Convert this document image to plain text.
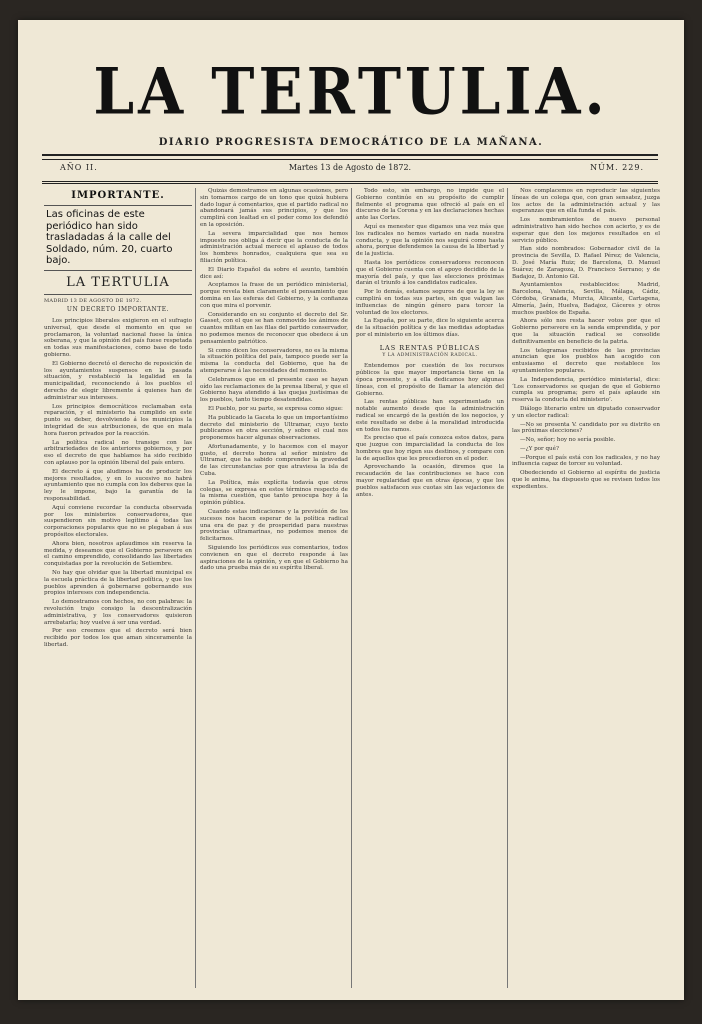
LA TERTULIA.
DIARIO PROGRESISTA DEMOCRÁTICO DE LA MAÑANA.
AÑO II.	Martes 13 de Agosto de 1872.	NÚM. 229.
IMPORTANTE.
Las oficinas de este periódico han sido trasladadas á la calle del Soldado, núm. 20, cuarto bajo.
LA TERTULIA
MADRID 13 DE AGOSTO DE 1872.
UN DECRETO IMPORTANTE.

Los principios liberales exigieron en el sufragio universal, que desde el momento en que se proclamaron, la voluntad nacional fuese la única soberana, y que la opinión del país fuese respetada en todas sus manifestaciones, como base de todo gobierno.

El Gobierno decretó el derecho de reposición de los ayuntamientos suspensos en la pasada situación, y restableció la legalidad en la municipalidad, reconociendo á los pueblos el derecho de elegir libremente á quienes han de administrar sus intereses.

Los principios democráticos reclamaban esta reparación, y el ministerio ha cumplido en este punto su deber, devolviendo á los municipios la integridad de sus atribuciones, de que en mala hora fueron privados por la reacción.

La política radical no transige con las arbitrariedades de los anteriores gobiernos, y por eso el decreto de que hablamos ha sido recibido con aplauso por la opinión liberal del país entero.

El decreto á que aludimos ha de producir los mejores resultados, y en lo sucesivo no habrá ayuntamiento que no cumpla con los deberes que la ley le impone, bajo la garantía de la responsabilidad.

Aquí conviene recordar la conducta observada por los ministerios conservadores, que suspendieron sin motivo legítimo á todas las corporaciones populares que no se plegaban á sus propósitos electorales.

Ahora bien, nosotros aplaudimos sin reserva la medida, y deseamos que el Gobierno persevere en el camino emprendido, consolidando las libertades conquistadas por la revolución de Setiembre.

No hay que olvidar que la libertad municipal es la escuela práctica de la libertad política, y que los pueblos aprenden á gobernarse gobernando sus propios intereses con independencia.

Lo demostramos con hechos, no con palabras: la revolución trajo consigo la descentralización administrativa, y los conservadores quisieron arrebatarla; hoy vuelve á ser una verdad.

Por eso creemos que el decreto será bien recibido por todos los que aman sinceramente la libertad.

Quizás demostramos en algunas ocasiones, pero sin tomarnos cargo de un tono que quizá hubiera dado lugar á comentarios, que el partido radical no abandonará jamás sus principios, y que los cumplirá con lealtad en el poder como los defendió en la oposición.

La severa imparcialidad que nos hemos impuesto nos obliga á decir que la conducta de la administración actual merece el aplauso de todos los hombres honrados, cualquiera que sea su filiación política.

El Diario Español da sobre el asunto, también dice así:

Aceptamos la frase de un periódico ministerial, porque revela bien claramente el pensamiento que domina en las esferas del Gobierno, y la confianza con que mira el porvenir.

Considerando en su conjunto el decreto del Sr. Gasset, con el que se han conmovido los ánimos de cuantos militan en las filas del partido conservador, no podemos menos de reconocer que obedece á un pensamiento patriótico.

Si como dicen los conservadores, no es la misma la situación política del país, tampoco puede ser la misma la conducta del Gobierno, que ha de atemperarse á las necesidades del momento.

Celebramos que en el presente caso se hayan oído las reclamaciones de la prensa liberal, y que el Gobierno haya atendido á las quejas justísimas de los pueblos, tanto tiempo desatendidas.

El Pueblo, por su parte, se expresa como sigue:

Ha publicado la Gaceta lo que un importantísimo decreto del ministerio de Ultramar, cuyo texto publicamos en otra sección, y sobre el cual nos proponemos hacer algunas observaciones.

Afortunadamente, y lo hacemos con el mayor gusto, el decreto honra al señor ministro de Ultramar, que ha sabido comprender la gravedad de las circunstancias por que atraviesa la isla de Cuba.

La Política, más explícita todavía que otros colegas, se expresa en estos términos respecto de la misma cuestión, que tanto preocupa hoy á la opinión pública.

Cuando estas indicaciones y la previsión de los sucesos nos hacen esperar de la política radical una era de paz y de prosperidad para nuestras provincias ultramarinas, no podemos menos de felicitarnos.

Siguiendo los periódicos sus comentarios, todos convienen en que el decreto responde á las aspiraciones de la opinión, y en que el Gobierno ha dado una prueba más de su espíritu liberal.

Todo esto, sin embargo, no impide que el Gobierno continúe en su propósito de cumplir fielmente el programa que ofreció al país en el discurso de la Corona y en las declaraciones hechas ante las Cortes.

Aquí es menester que digamos una vez más que los radicales no hemos variado en nada nuestra conducta, y que la opinión nos seguirá como hasta ahora, porque defendemos la causa de la libertad y de la justicia.

Hasta los periódicos conservadores reconocen que el Gobierno cuenta con el apoyo decidido de la mayoría del país, y que las elecciones próximas darán el triunfo á los candidatos radicales.

Por lo demás, estamos seguros de que la ley se cumplirá en todas sus partes, sin que valgan las influencias de ningún género para torcer la voluntad de los electores.

La España, por su parte, dice lo siguiente acerca de la situación política y de las medidas adoptadas por el ministerio en los últimos días.

LAS RENTAS PÚBLICAS
Y LA ADMINISTRACIÓN RADICAL.

Entendemos por cuestión de los recursos públicos la que mayor importancia tiene en la época presente, y a ella dedicamos hoy algunas líneas, con el propósito de llamar la atención del Gobierno.

Las rentas públicas han experimentado un notable aumento desde que la administración radical se encargó de la gestión de los negocios, y este resultado se debe á la moralidad introducida en todos los ramos.

Es preciso que el país conozca estos datos, para que juzgue con imparcialidad la conducta de los hombres que hoy rigen sus destinos, y compare con la de aquellos que les precedieron en el poder.

Aprovechando la ocasión, diremos que la recaudación de las contribuciones se hace con mayor regularidad que en otras épocas, y que los pueblos satisfacen sus cuotas sin las vejaciones de antes.

Nos complacemos en reproducir las siguientes líneas de un colega que, con gran sensatez, juzga los actos de la administración actual y las esperanzas que en ella funda el país.

Los nombramientos de nuevo personal administrativo han sido hechos con acierto, y es de esperar que den los mejores resultados en el servicio público.

Han sido nombrados: Gobernador civil de la provincia de Sevilla, D. Rafael Pérez; de Valencia, D. José María Ruiz; de Barcelona, D. Manuel Suárez; de Zaragoza, D. Francisco Serrano; y de Badajoz, D. Antonio Gil.

Ayuntamientos restablecidos: Madrid, Barcelona, Valencia, Sevilla, Málaga, Cádiz, Córdoba, Granada, Murcia, Alicante, Cartagena, Almería, Jaén, Huelva, Badajoz, Cáceres y otros muchos pueblos de España.

Ahora sólo nos resta hacer votos por que el Gobierno persevere en la senda emprendida, y por que la situación radical se consolide definitivamente en beneficio de la patria.

Los telegramas recibidos de las provincias anuncian que los pueblos han acogido con entusiasmo el decreto que restablece los ayuntamientos populares.

La Independencia, periódico ministerial, dice: ‘Los conservadores se quejan de que el Gobierno cumpla su programa; pero el país aplaude sin reserva la conducta del ministerio’.

Diálogo literario entre un diputado conservador y un elector radical:

—No se presenta V. candidato por su distrito en las próximas elecciones?

—No, señor; hoy no sería posible.

—¿Y por qué?

—Porque el país está con los radicales, y no hay influencia capaz de torcer su voluntad.

Obedeciendo el Gobierno al espíritu de justicia que le anima, ha dispuesto que se revisen todos los expedientes.
